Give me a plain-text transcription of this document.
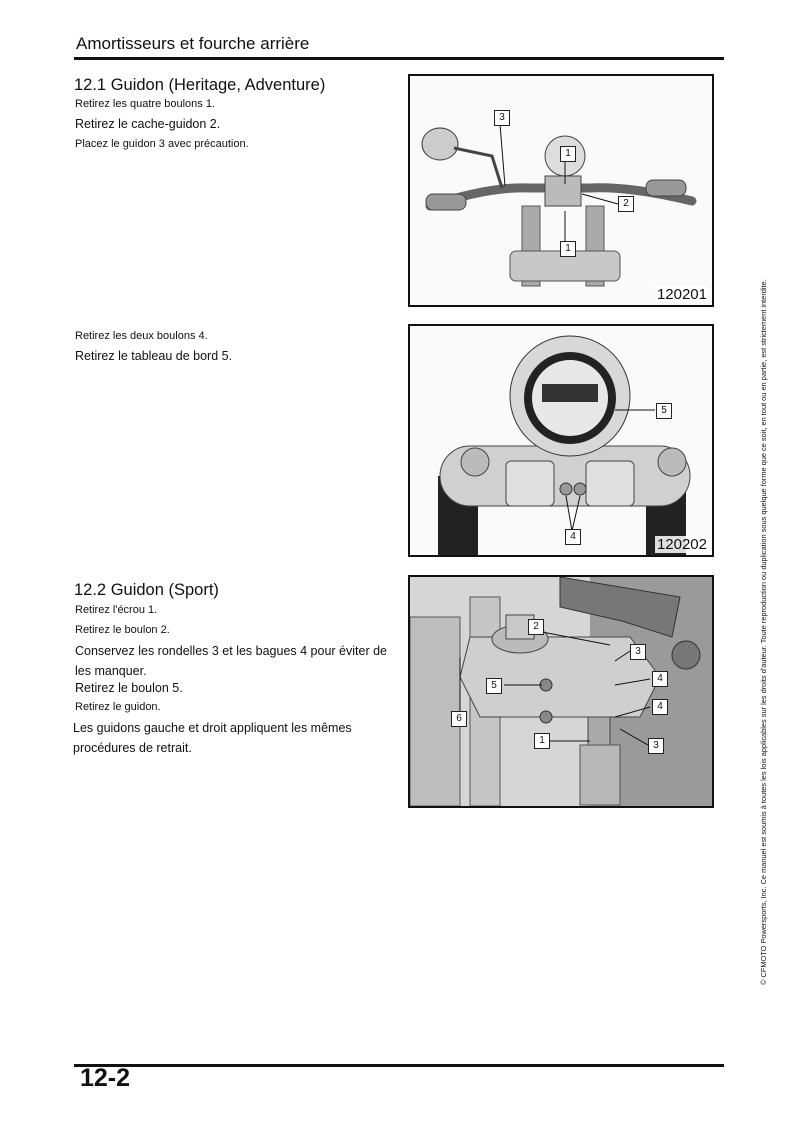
Amortisseurs et fourche arrière
12.1 Guidon (Heritage, Adventure)
Retirez les quatre boulons 1.
Retirez le cache-guidon 2.
Placez le guidon 3 avec précaution.
3
1
2
1
120201
Retirez les deux boulons 4.
Retirez le tableau de bord 5.
5
4	120202
12.2 Guidon (Sport)
Retirez l'écrou 1.
Retirez le boulon 2.
Conservez les rondelles 3 et les bagues 4 pour éviter de les manquer.
Retirez le boulon 5.
Retirez le guidon.
Les guidons gauche et droit appliquent les mêmes procédures de retrait.
2
3
4
5
4
6
1	3
12-2
© CFMOTO Powersports, Inc. Ce manuel est soumis à toutes les lois applicables sur les droits d'auteur. Toute reproduction ou duplication sous quelque forme que ce soit, en tout ou en partie, est strictement interdite.
